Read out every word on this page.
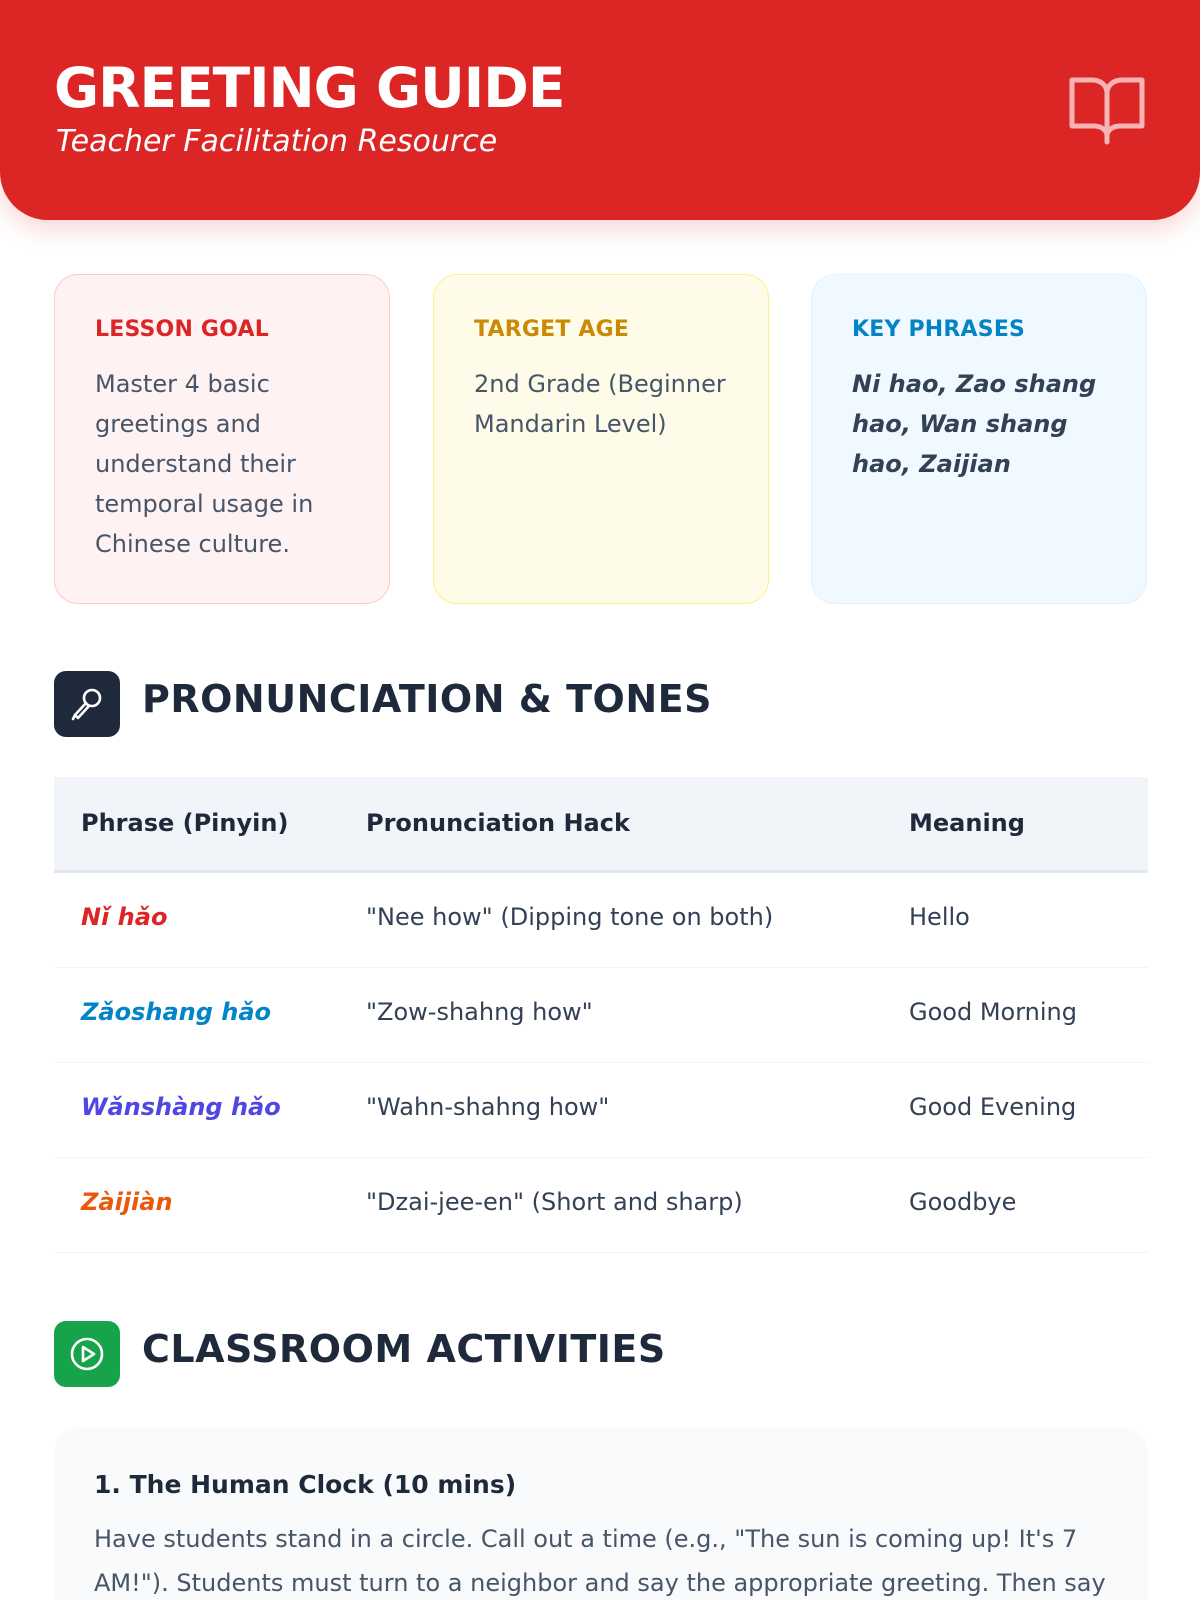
GREETING GUIDE
Teacher Facilitation Resource
LESSON GOAL
Master 4 basic greetings and understand their temporal usage in Chinese culture.
TARGET AGE
2nd Grade (Beginner Mandarin Level)
KEY PHRASES
Ni hao, Zao shang hao, Wan shang hao, Zaijian
PRONUNCIATION & TONES
Phrase (Pinyin)	Pronunciation Hack	Meaning
Nǐ hǎo	"Nee how" (Dipping tone on both)	Hello
Zǎoshang hǎo	"Zow-shahng how"	Good Morning
Wǎnshàng hǎo	"Wahn-shahng how"	Good Evening
Zàijiàn	"Dzai-jee-en" (Short and sharp)	Goodbye
CLASSROOM ACTIVITIES
1. The Human Clock (10 mins)
Have students stand in a circle. Call out a time (e.g., "The sun is coming up! It's 7 AM!"). Students must turn to a neighbor and say the appropriate greeting. Then say
